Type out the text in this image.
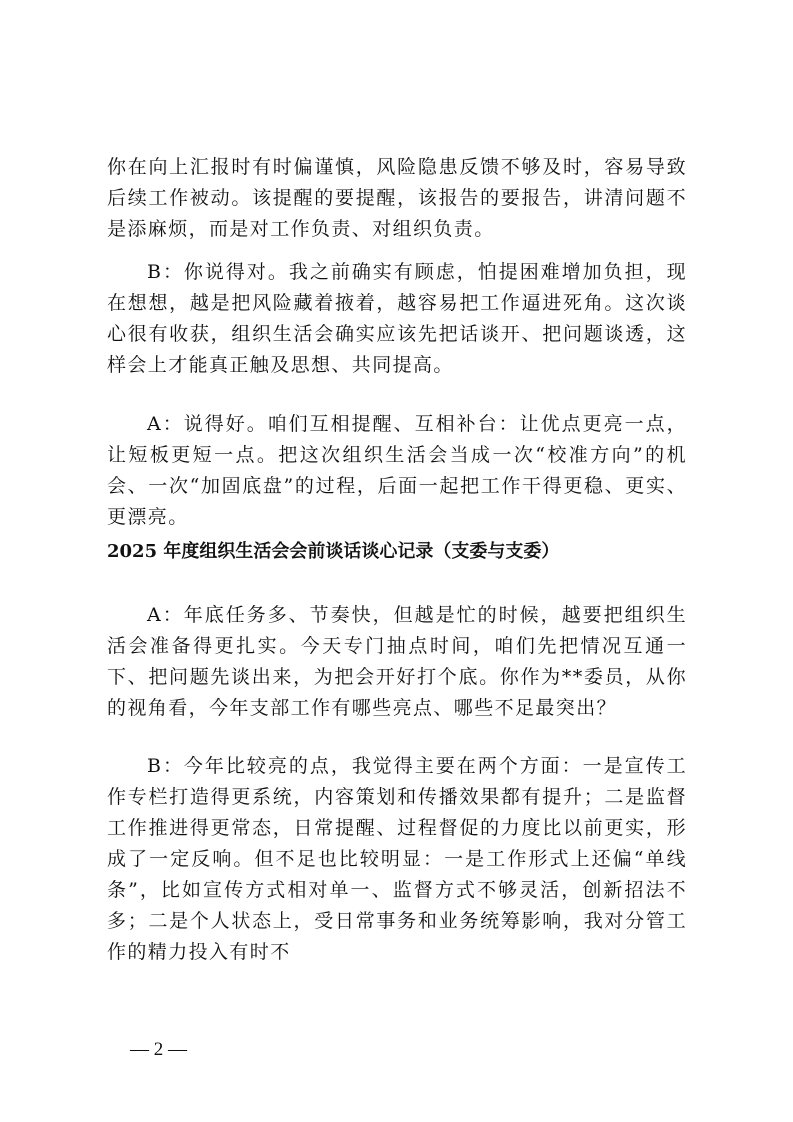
你在向上汇报时有时偏谨慎，风险隐患反馈不够及时，容易导致后续工作被动。该提醒的要提醒，该报告的要报告，讲清问题不是添麻烦，而是对工作负责、对组织负责。

B：你说得对。我之前确实有顾虑，怕提困难增加负担，现在想想，越是把风险藏着掖着，越容易把工作逼进死角。这次谈心很有收获，组织生活会确实应该先把话谈开、把问题谈透，这样会上才能真正触及思想、共同提高。

A：说得好。咱们互相提醒、互相补台：让优点更亮一点，让短板更短一点。把这次组织生活会当成一次“校准方向”的机会、一次“加固底盘”的过程，后面一起把工作干得更稳、更实、更漂亮。

2025 年度组织生活会会前谈话谈心记录（支委与支委）

A：年底任务多、节奏快，但越是忙的时候，越要把组织生活会准备得更扎实。今天专门抽点时间，咱们先把情况互通一下、把问题先谈出来，为把会开好打个底。你作为**委员，从你的视角看，今年支部工作有哪些亮点、哪些不足最突出？

B：今年比较亮的点，我觉得主要在两个方面：一是宣传工作专栏打造得更系统，内容策划和传播效果都有提升；二是监督工作推进得更常态，日常提醒、过程督促的力度比以前更实，形成了一定反响。但不足也比较明显：一是工作形式上还偏“单线条”，比如宣传方式相对单一、监督方式不够灵活，创新招法不多；二是个人状态上，受日常事务和业务统筹影响，我对分管工作的精力投入有时不

— 2 —
